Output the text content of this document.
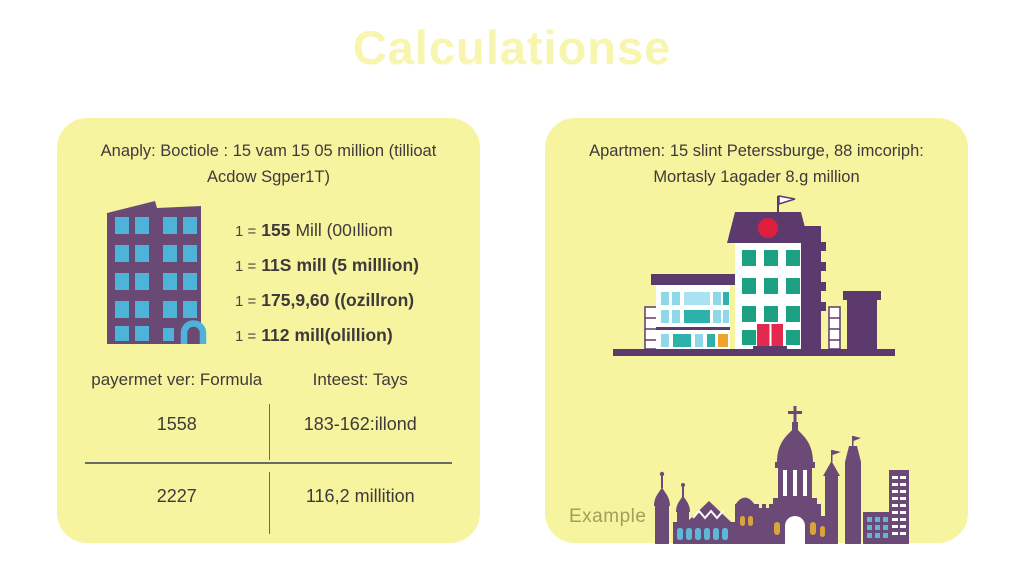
Calculationse
Anaply: Boctiole : 15 vam 15 05 million (tillioat
Acdow Sgper1T)
1 = 155 Mill (00ılliom
1 = 11S mill (5 milllion)
1 = 175,9,60 ((ozillron)
1 = 112 mill(olillion)
payermet ver: Formula	Inteest: Tays
1558	183-162:illond
2227	116,2 millition
Apartmen: 15 slint Peterssburge, 88 imcoriph:
Mortasly 1agader 8.g million
Example
